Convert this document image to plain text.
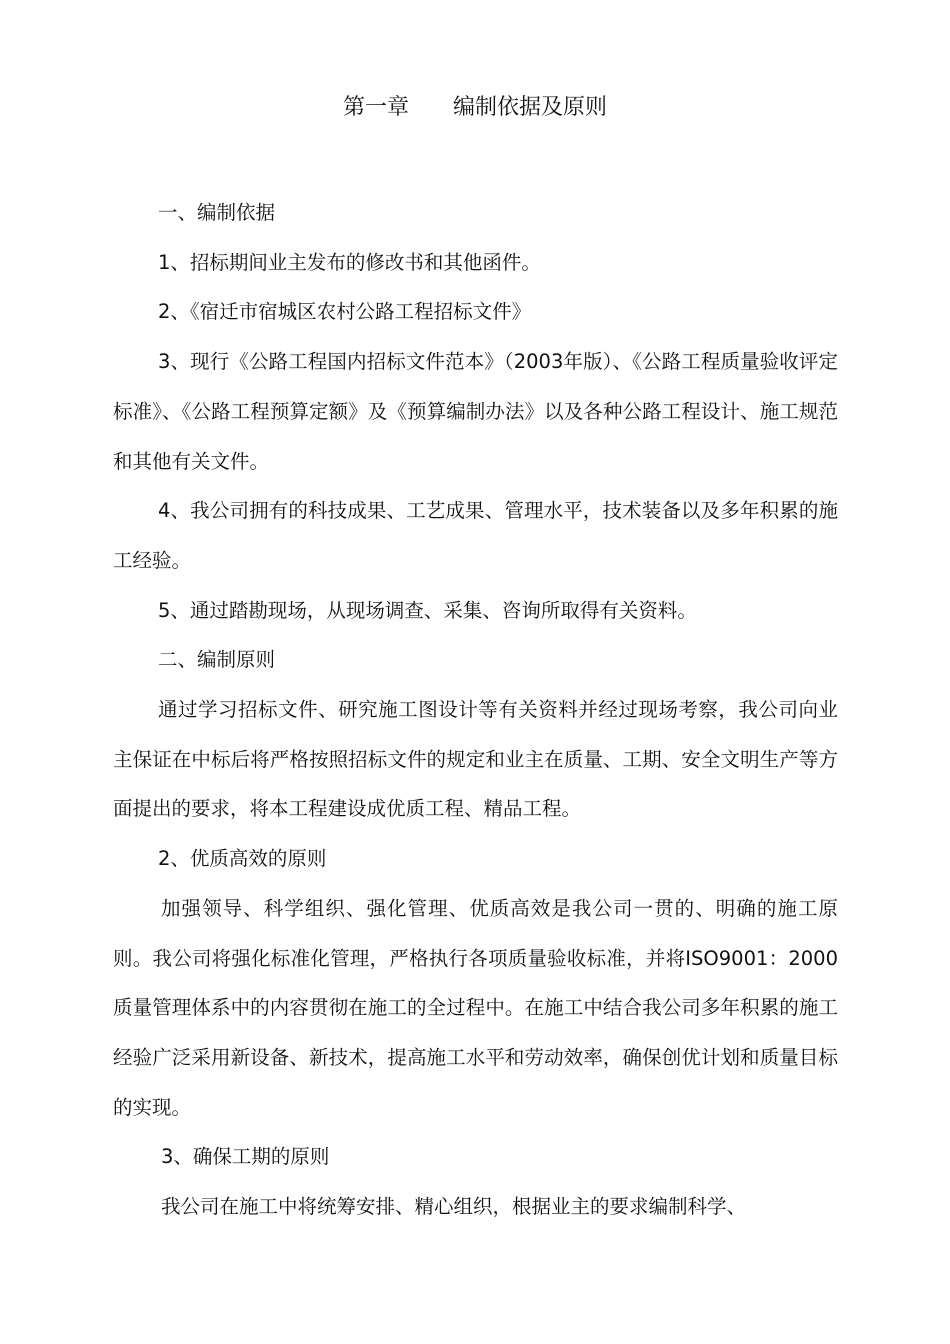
第一章　　编制依据及原则

一、编制依据

1、招标期间业主发布的修改书和其他函件。

2、《宿迁市宿城区农村公路工程招标文件》

3、现行《公路工程国内招标文件范本》（2003年版）、《公路工程质量验收评定标准》、《公路工程预算定额》及《预算编制办法》以及各种公路工程设计、施工规范和其他有关文件。

4、我公司拥有的科技成果、工艺成果、管理水平，技术装备以及多年积累的施工经验。

5、通过踏勘现场，从现场调查、采集、咨询所取得有关资料。

二、编制原则

通过学习招标文件、研究施工图设计等有关资料并经过现场考察，我公司向业主保证在中标后将严格按照招标文件的规定和业主在质量、工期、安全文明生产等方面提出的要求，将本工程建设成优质工程、精品工程。

2、优质高效的原则

加强领导、科学组织、强化管理、优质高效是我公司一贯的、明确的施工原则。我公司将强化标准化管理，严格执行各项质量验收标准，并将ISO9001：2000质量管理体系中的内容贯彻在施工的全过程中。在施工中结合我公司多年积累的施工经验广泛采用新设备、新技术，提高施工水平和劳动效率，确保创优计划和质量目标的实现。

3、确保工期的原则

我公司在施工中将统筹安排、精心组织，根据业主的要求编制科学、
